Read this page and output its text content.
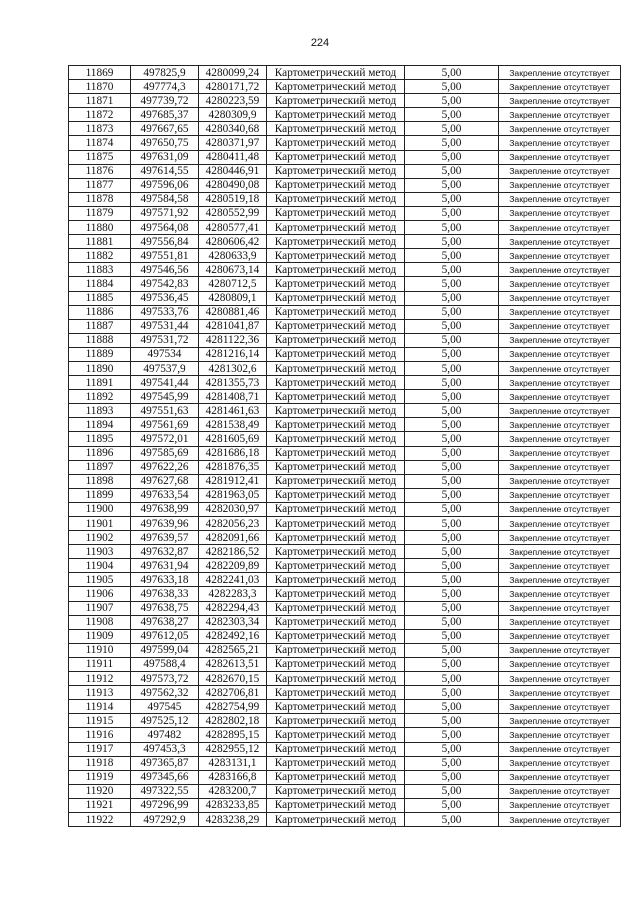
224
11869	497825,9	4280099,24	Картометрический метод	5,00	Закрепление отсутствует
11870	497774,3	4280171,72	Картометрический метод	5,00	Закрепление отсутствует
11871	497739,72	4280223,59	Картометрический метод	5,00	Закрепление отсутствует
11872	497685,37	4280309,9	Картометрический метод	5,00	Закрепление отсутствует
11873	497667,65	4280340,68	Картометрический метод	5,00	Закрепление отсутствует
11874	497650,75	4280371,97	Картометрический метод	5,00	Закрепление отсутствует
11875	497631,09	4280411,48	Картометрический метод	5,00	Закрепление отсутствует
11876	497614,55	4280446,91	Картометрический метод	5,00	Закрепление отсутствует
11877	497596,06	4280490,08	Картометрический метод	5,00	Закрепление отсутствует
11878	497584,58	4280519,18	Картометрический метод	5,00	Закрепление отсутствует
11879	497571,92	4280552,99	Картометрический метод	5,00	Закрепление отсутствует
11880	497564,08	4280577,41	Картометрический метод	5,00	Закрепление отсутствует
11881	497556,84	4280606,42	Картометрический метод	5,00	Закрепление отсутствует
11882	497551,81	4280633,9	Картометрический метод	5,00	Закрепление отсутствует
11883	497546,56	4280673,14	Картометрический метод	5,00	Закрепление отсутствует
11884	497542,83	4280712,5	Картометрический метод	5,00	Закрепление отсутствует
11885	497536,45	4280809,1	Картометрический метод	5,00	Закрепление отсутствует
11886	497533,76	4280881,46	Картометрический метод	5,00	Закрепление отсутствует
11887	497531,44	4281041,87	Картометрический метод	5,00	Закрепление отсутствует
11888	497531,72	4281122,36	Картометрический метод	5,00	Закрепление отсутствует
11889	497534	4281216,14	Картометрический метод	5,00	Закрепление отсутствует
11890	497537,9	4281302,6	Картометрический метод	5,00	Закрепление отсутствует
11891	497541,44	4281355,73	Картометрический метод	5,00	Закрепление отсутствует
11892	497545,99	4281408,71	Картометрический метод	5,00	Закрепление отсутствует
11893	497551,63	4281461,63	Картометрический метод	5,00	Закрепление отсутствует
11894	497561,69	4281538,49	Картометрический метод	5,00	Закрепление отсутствует
11895	497572,01	4281605,69	Картометрический метод	5,00	Закрепление отсутствует
11896	497585,69	4281686,18	Картометрический метод	5,00	Закрепление отсутствует
11897	497622,26	4281876,35	Картометрический метод	5,00	Закрепление отсутствует
11898	497627,68	4281912,41	Картометрический метод	5,00	Закрепление отсутствует
11899	497633,54	4281963,05	Картометрический метод	5,00	Закрепление отсутствует
11900	497638,99	4282030,97	Картометрический метод	5,00	Закрепление отсутствует
11901	497639,96	4282056,23	Картометрический метод	5,00	Закрепление отсутствует
11902	497639,57	4282091,66	Картометрический метод	5,00	Закрепление отсутствует
11903	497632,87	4282186,52	Картометрический метод	5,00	Закрепление отсутствует
11904	497631,94	4282209,89	Картометрический метод	5,00	Закрепление отсутствует
11905	497633,18	4282241,03	Картометрический метод	5,00	Закрепление отсутствует
11906	497638,33	4282283,3	Картометрический метод	5,00	Закрепление отсутствует
11907	497638,75	4282294,43	Картометрический метод	5,00	Закрепление отсутствует
11908	497638,27	4282303,34	Картометрический метод	5,00	Закрепление отсутствует
11909	497612,05	4282492,16	Картометрический метод	5,00	Закрепление отсутствует
11910	497599,04	4282565,21	Картометрический метод	5,00	Закрепление отсутствует
11911	497588,4	4282613,51	Картометрический метод	5,00	Закрепление отсутствует
11912	497573,72	4282670,15	Картометрический метод	5,00	Закрепление отсутствует
11913	497562,32	4282706,81	Картометрический метод	5,00	Закрепление отсутствует
11914	497545	4282754,99	Картометрический метод	5,00	Закрепление отсутствует
11915	497525,12	4282802,18	Картометрический метод	5,00	Закрепление отсутствует
11916	497482	4282895,15	Картометрический метод	5,00	Закрепление отсутствует
11917	497453,3	4282955,12	Картометрический метод	5,00	Закрепление отсутствует
11918	497365,87	4283131,1	Картометрический метод	5,00	Закрепление отсутствует
11919	497345,66	4283166,8	Картометрический метод	5,00	Закрепление отсутствует
11920	497322,55	4283200,7	Картометрический метод	5,00	Закрепление отсутствует
11921	497296,99	4283233,85	Картометрический метод	5,00	Закрепление отсутствует
11922	497292,9	4283238,29	Картометрический метод	5,00	Закрепление отсутствует
